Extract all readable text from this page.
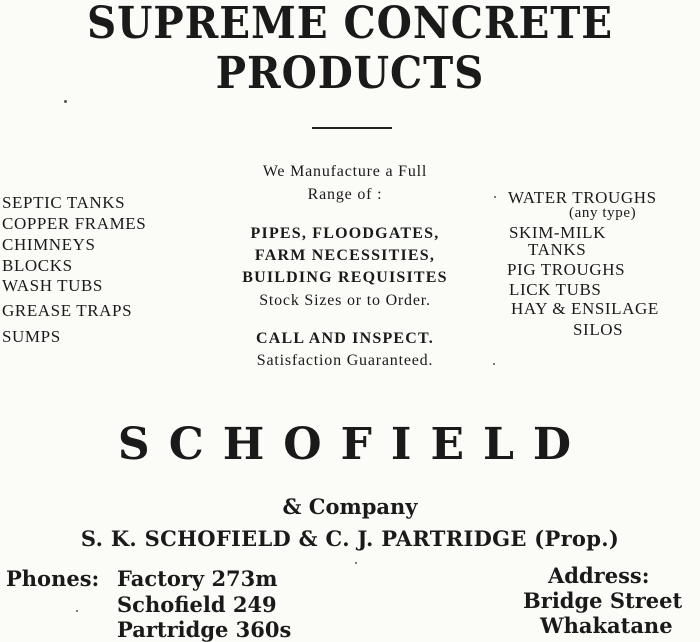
SUPREME CONCRETE
PRODUCTS
SEPTIC TANKS
COPPER FRAMES
CHIMNEYS
BLOCKS
WASH TUBS
GREASE TRAPS
SUMPS
We Manufacture a Full
Range of :
PIPES, FLOODGATES,
FARM NECESSITIES,
BUILDING REQUISITES
Stock Sizes or to Order.
CALL AND INSPECT.
Satisfaction Guaranteed.
WATER TROUGHS
(any type)
SKIM-MILK
TANKS
PIG TROUGHS
LICK TUBS
HAY & ENSILAGE
SILOS
SCHOFIELD
& Company
S. K. SCHOFIELD & C. J. PARTRIDGE (Prop.)
Phones: Factory 273m
Schofield 249
Partridge 360s
Address:
Bridge Street
Whakatane
